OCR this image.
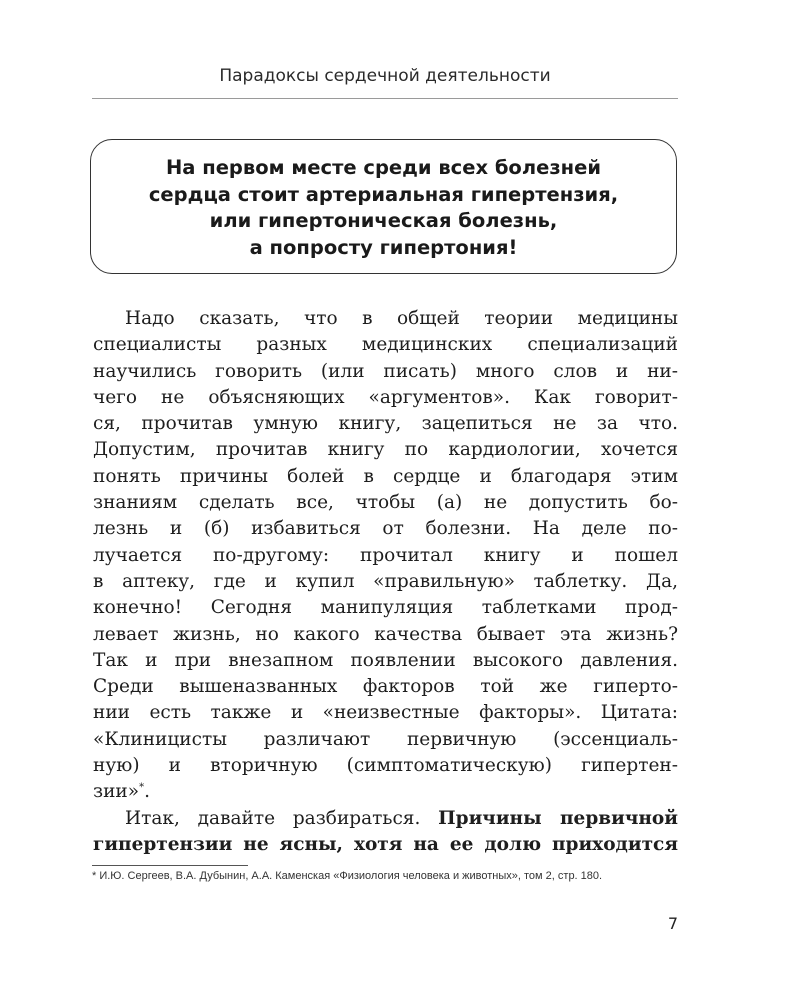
Парадоксы сердечной деятельности
На первом месте среди всех болезней
сердца стоит артериальная гипертензия,
или гипертоническая болезнь,
а попросту гипертония!
Надо сказать, что в общей теории медицины
специалисты разных медицинских специализаций
научились говорить (или писать) много слов и ни-
чего не объясняющих «аргументов». Как говорит-
ся, прочитав умную книгу, зацепиться не за что.
Допустим, прочитав книгу по кардиологии, хочется
понять причины болей в сердце и благодаря этим
знаниям сделать все, чтобы (а) не допустить бо-
лезнь и (б) избавиться от болезни. На деле по-
лучается по-другому: прочитал книгу и пошел
в аптеку, где и купил «правильную» таблетку. Да,
конечно! Сегодня манипуляция таблетками прод-
левает жизнь, но какого качества бывает эта жизнь?
Так и при внезапном появлении высокого давления.
Среди вышеназванных факторов той же гиперто-
нии есть также и «неизвестные факторы». Цитата:
«Клиницисты различают первичную (эссенциаль-
ную) и вторичную (симптоматическую) гипертен-
зии»*.
Итак, давайте разбираться. Причины первичной
гипертензии не ясны, хотя на ее долю приходится
* И.Ю. Сергеев, В.А. Дубынин, А.А. Каменская «Физиология человека и животных», том 2, стр. 180.
7
